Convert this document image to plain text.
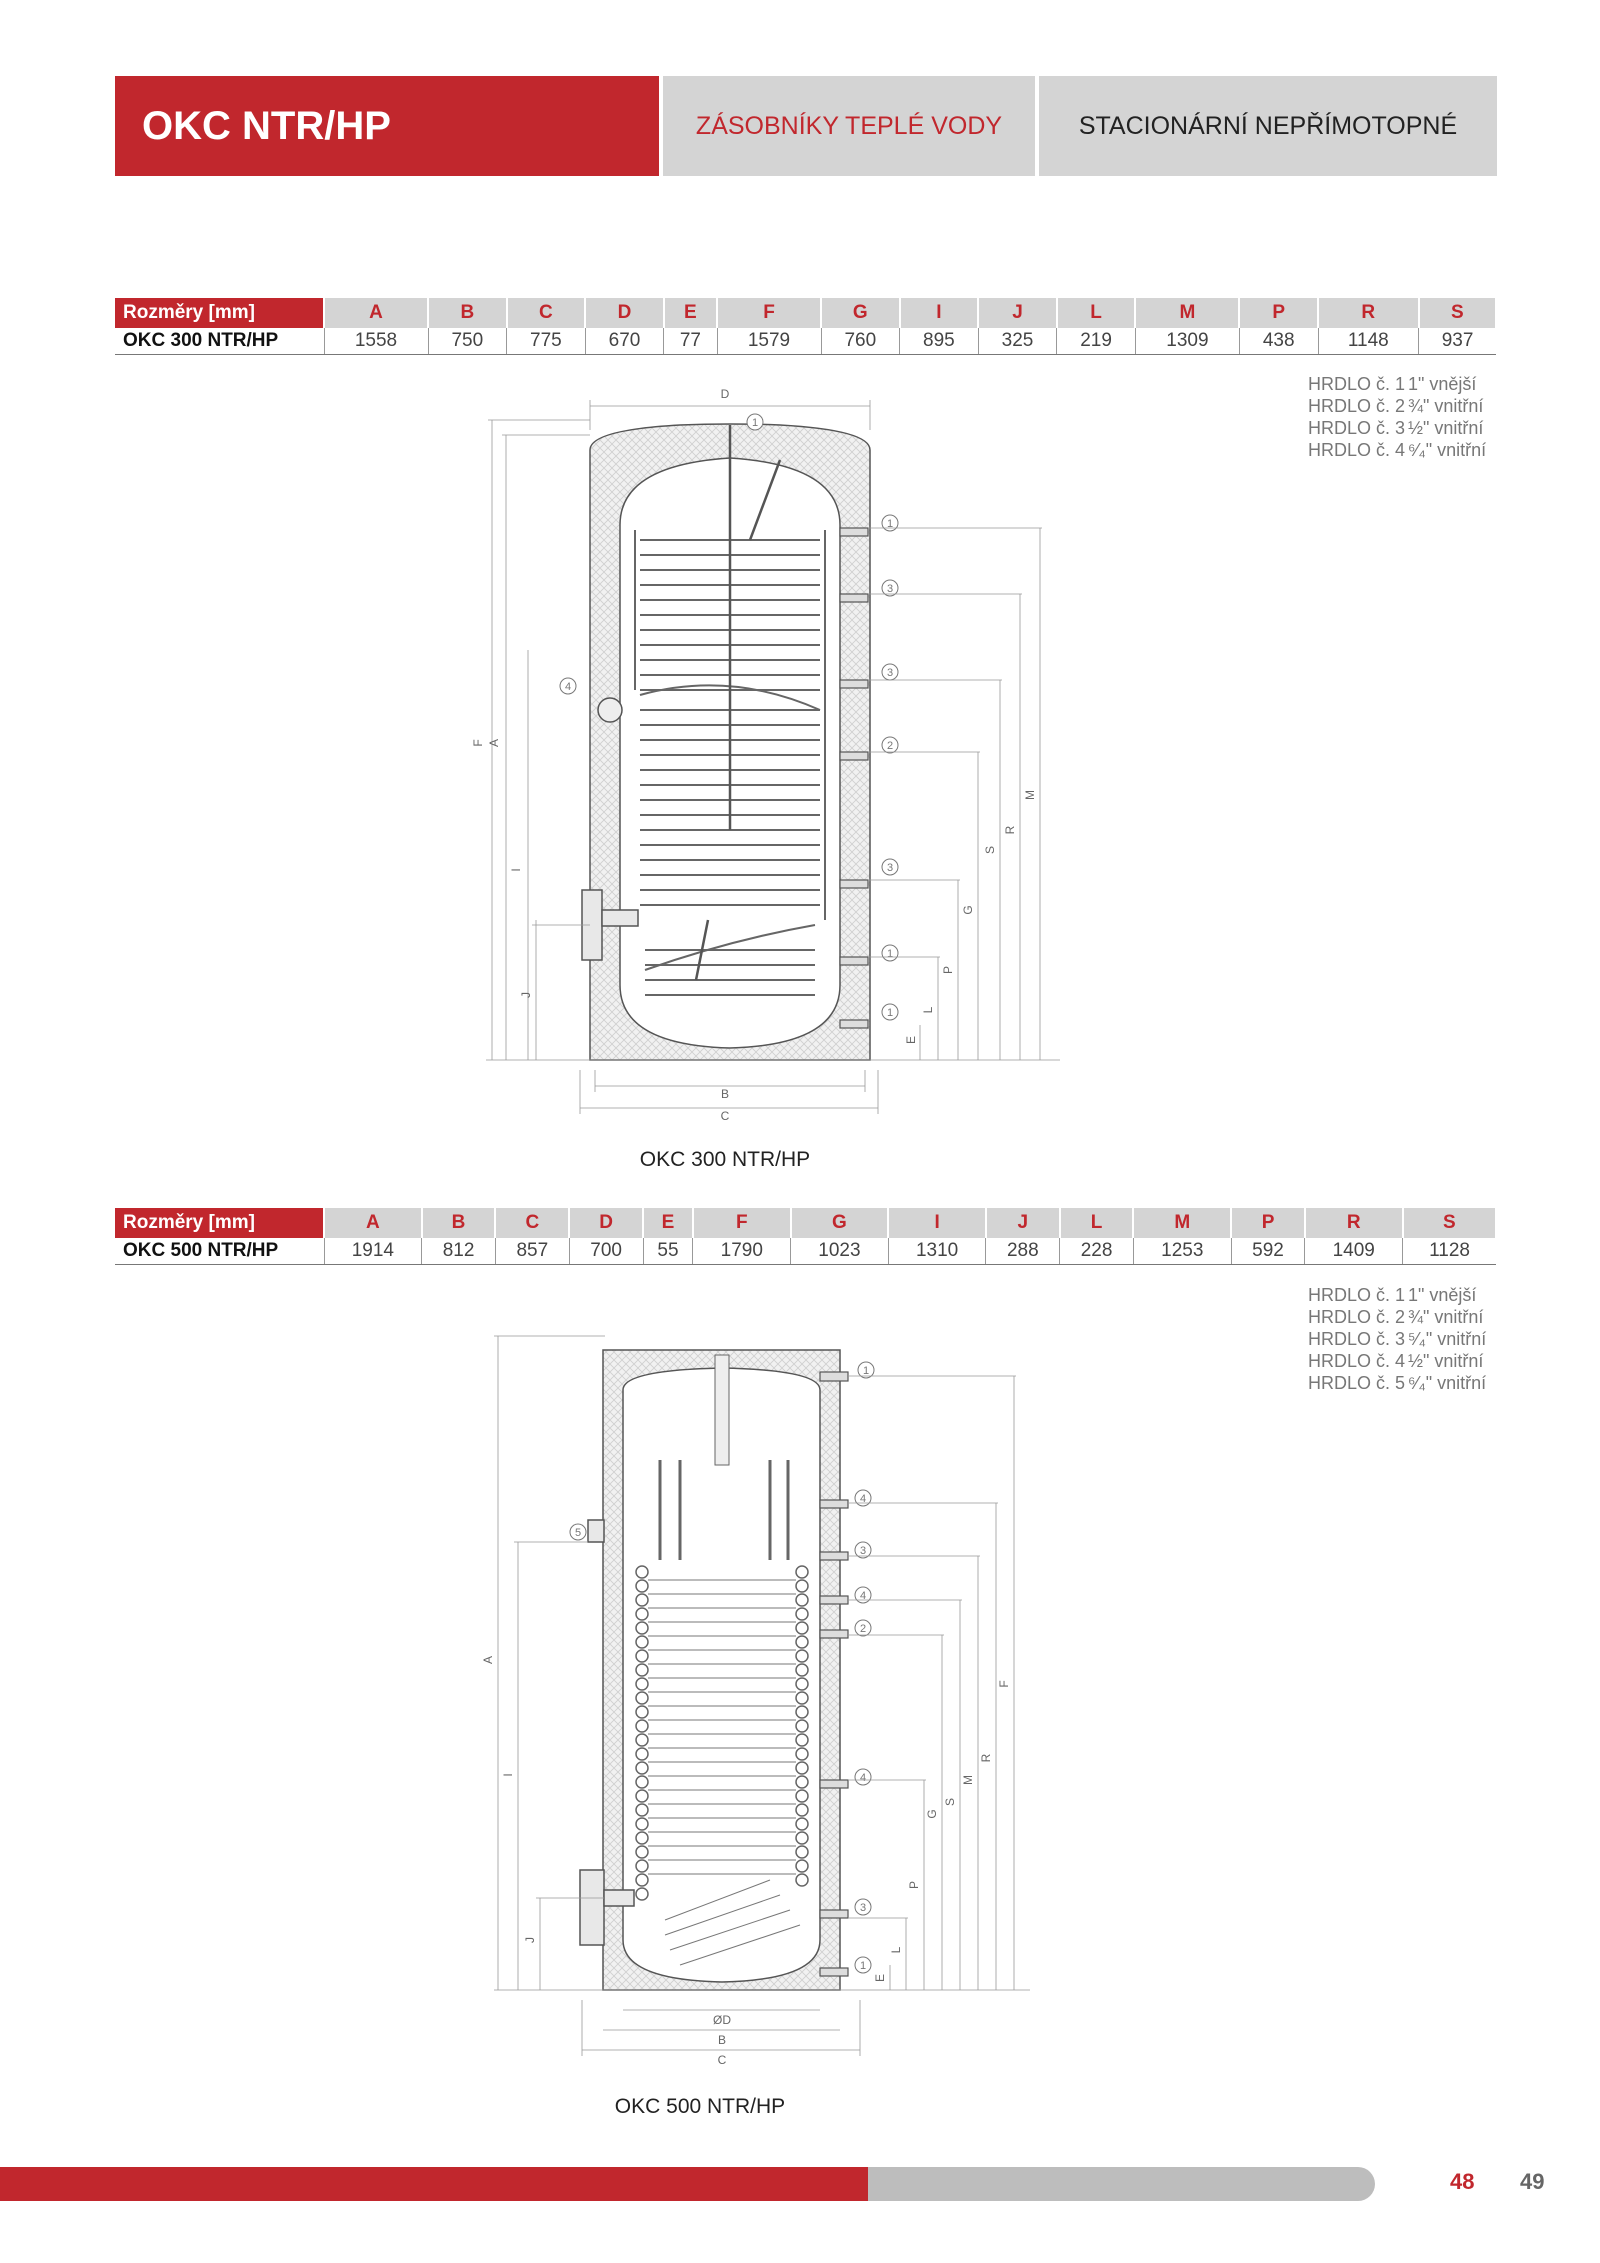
OKC NTR/HP	ZÁSOBNÍKY TEPLÉ VODY	STACIONÁRNÍ NEPŘÍMOTOPNÉ
Rozměry [mm]	A	B	C	D	E	F	G	I	J	L	M	P	R	S
OKC 300 NTR/HP	1558	750	775	670	77	1579	760	895	325	219	1309	438	1148	937
HRDLO č. 1 1" vnější
HRDLO č. 2 ¾" vnitřní
HRDLO č. 3 ½" vnitřní
HRDLO č. 4 ⁶⁄₄" vnitřní
1
1
3
3
2
3
1
1
4
D
B
C
F A
I
J
E
L
P
G
S
R
M
OKC 300 NTR/HP
Rozměry [mm]	A	B	C	D	E	F	G	I	J	L	M	P	R	S
OKC 500 NTR/HP	1914	812	857	700	55	1790	1023	1310	288	228	1253	592	1409	1128
HRDLO č. 1 1" vnější
HRDLO č. 2 ¾" vnitřní
HRDLO č. 3 ⁵⁄₄" vnitřní
HRDLO č. 4 ½" vnitřní
HRDLO č. 5 ⁶⁄₄" vnitřní
1
4
3
4
2
4
3
1
5
ØD
B
C
A
I
J
E
L
P
G
S
M
R
F
OKC 500 NTR/HP
48 49
